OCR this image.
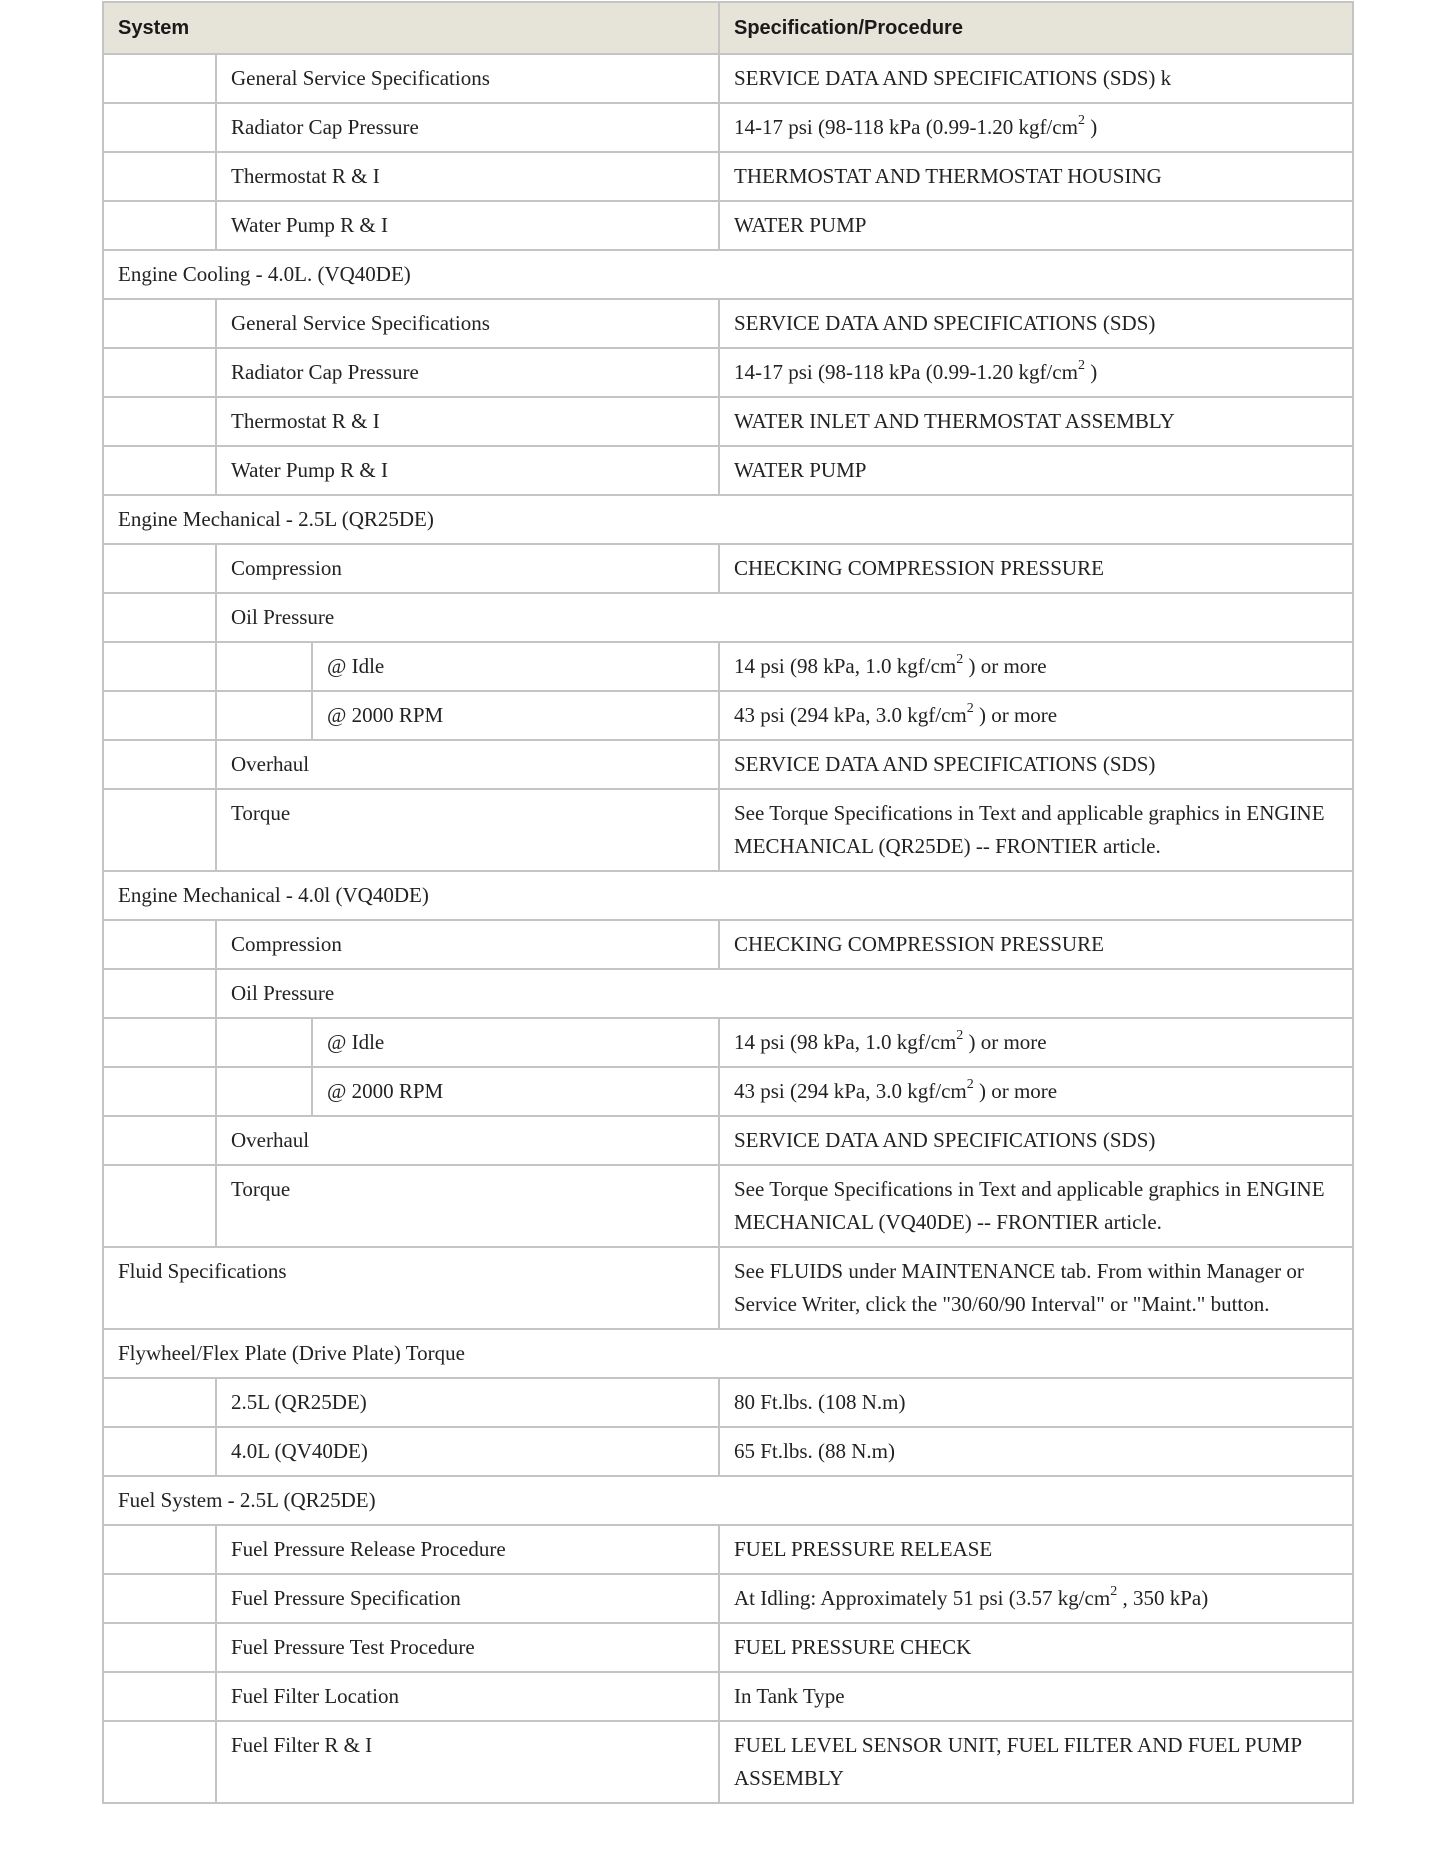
System			Specification/Procedure
	General Service Specifications		SERVICE DATA AND SPECIFICATIONS (SDS) k
	Radiator Cap Pressure		14-17 psi (98-118 kPa (0.99-1.20 kgf/$cm^2$ )
	Thermostat R & I		THERMOSTAT AND THERMOSTAT HOUSING
	Water Pump R & I		WATER PUMP
Engine Cooling - 4.0L. (VQ40DE)			
	General Service Specifications		SERVICE DATA AND SPECIFICATIONS (SDS)
	Radiator Cap Pressure		14-17 psi (98-118 kPa (0.99-1.20 kgf/$cm^2$ )
	Thermostat R & I		WATER INLET AND THERMOSTAT ASSEMBLY
	Water Pump R & I		WATER PUMP
Engine Mechanical - 2.5L (QR25DE)			
	Compression		CHECKING COMPRESSION PRESSURE
	Oil Pressure		
		@ Idle	14 psi (98 kPa, 1.0 kgf/$cm^2$ ) or more
		@ 2000 RPM	43 psi (294 kPa, 3.0 kgf/$cm^2$ ) or more
	Overhaul		SERVICE DATA AND SPECIFICATIONS (SDS)
	Torque		See Torque Specifications in Text and applicable graphics in ENGINE MECHANICAL (QR25DE) -- FRONTIER article.
Engine Mechanical - 4.0l (VQ40DE)			
	Compression		CHECKING COMPRESSION PRESSURE
	Oil Pressure		
		@ Idle	14 psi (98 kPa, 1.0 kgf/$cm^2$ ) or more
		@ 2000 RPM	43 psi (294 kPa, 3.0 kgf/$cm^2$ ) or more
	Overhaul		SERVICE DATA AND SPECIFICATIONS (SDS)
	Torque		See Torque Specifications in Text and applicable graphics in ENGINE MECHANICAL (VQ40DE) -- FRONTIER article.
Fluid Specifications			See FLUIDS under MAINTENANCE tab. From within Manager or Service Writer, click the "30/60/90 Interval" or "Maint." button.
Flywheel/Flex Plate (Drive Plate) Torque			
	2.5L (QR25DE)		80 Ft.lbs. (108 N.m)
	4.0L (QV40DE)		65 Ft.lbs. (88 N.m)
Fuel System - 2.5L (QR25DE)			
	Fuel Pressure Release Procedure		FUEL PRESSURE RELEASE
	Fuel Pressure Specification		At Idling: Approximately 51 psi (3.57 $kg/cm^2$ , 350 kPa)
	Fuel Pressure Test Procedure		FUEL PRESSURE CHECK
	Fuel Filter Location		In Tank Type
	Fuel Filter R & I		FUEL LEVEL SENSOR UNIT, FUEL FILTER AND FUEL PUMP ASSEMBLY
